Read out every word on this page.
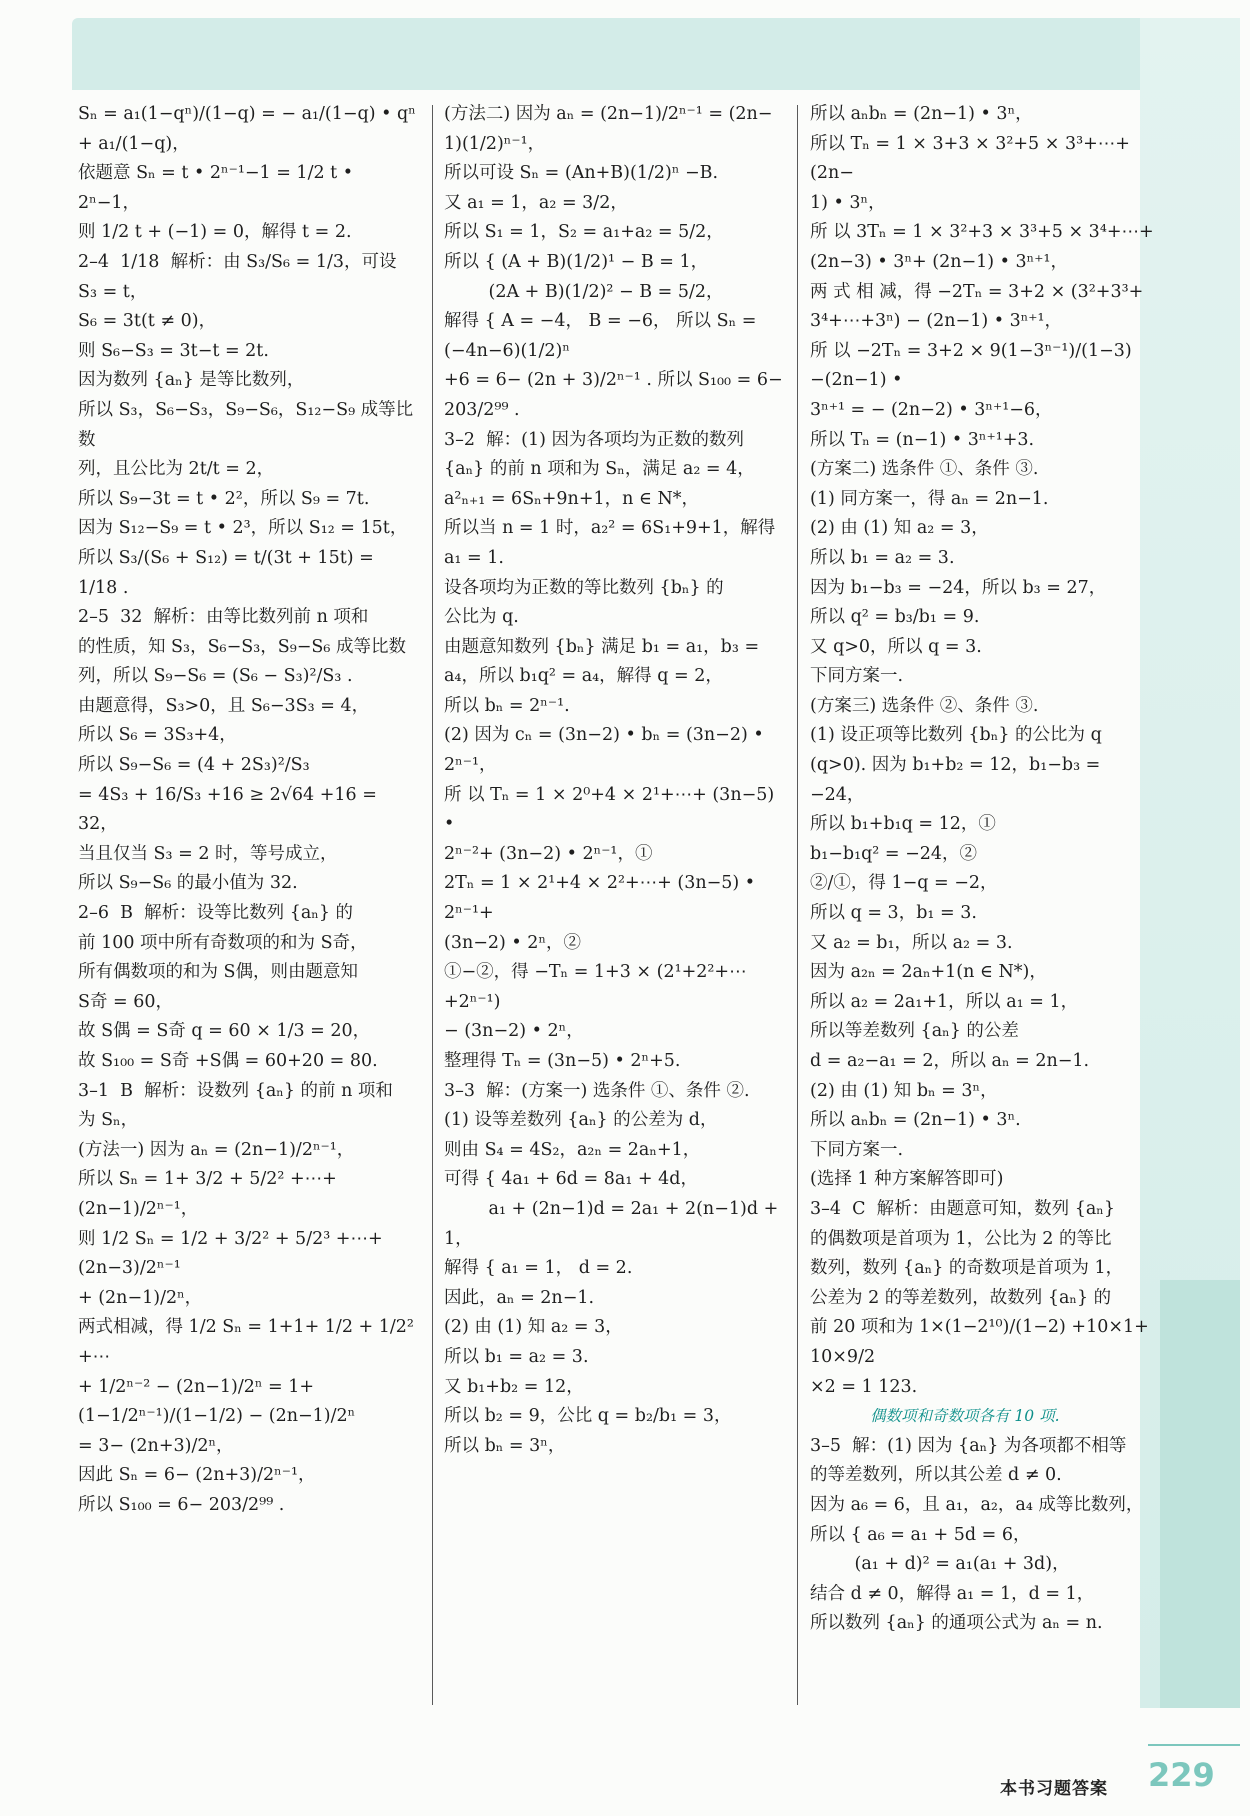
Sₙ = a₁(1−qⁿ)/(1−q) = − a₁/(1−q) • qⁿ + a₁/(1−q)，
依题意 Sₙ = t • 2ⁿ⁻¹−1 = 1/2 t • 2ⁿ−1，
则 1/2 t + (−1) = 0，解得 t = 2.
2–4  1/18  解析：由 S₃/S₆ = 1/3，可设 S₃ = t，
S₆ = 3t(t ≠ 0)，
则 S₆−S₃ = 3t−t = 2t.
因为数列 {aₙ} 是等比数列，
所以 S₃，S₆−S₃，S₉−S₆，S₁₂−S₉ 成等比数
列，且公比为 2t/t = 2，
所以 S₉−3t = t • 2²，所以 S₉ = 7t.
因为 S₁₂−S₉ = t • 2³，所以 S₁₂ = 15t，
所以 S₃/(S₆ + S₁₂) = t/(3t + 15t) = 1/18 .
2–5  32  解析：由等比数列前 n 项和
的性质，知 S₃，S₆−S₃，S₉−S₆ 成等比数
列，所以 S₉−S₆ = (S₆ − S₃)²/S₃ .
由题意得，S₃>0，且 S₆−3S₃ = 4，
所以 S₆ = 3S₃+4，
所以 S₉−S₆ = (4 + 2S₃)²/S₃
= 4S₃ + 16/S₃ +16 ≥ 2√64 +16 = 32，
当且仅当 S₃ = 2 时，等号成立，
所以 S₉−S₆ 的最小值为 32.
2–6  B  解析：设等比数列 {aₙ} 的
前 100 项中所有奇数项的和为 S奇，
所有偶数项的和为 S偶，则由题意知
S奇 = 60，
故 S偶 = S奇 q = 60 × 1/3 = 20，
故 S₁₀₀ = S奇 +S偶 = 60+20 = 80.
3–1  B  解析：设数列 {aₙ} 的前 n 项和
为 Sₙ，
(方法一) 因为 aₙ = (2n−1)/2ⁿ⁻¹，
所以 Sₙ = 1+ 3/2 + 5/2² +⋯+ (2n−1)/2ⁿ⁻¹，
则 1/2 Sₙ = 1/2 + 3/2² + 5/2³ +⋯+ (2n−3)/2ⁿ⁻¹
+ (2n−1)/2ⁿ，
两式相减，得 1/2 Sₙ = 1+1+ 1/2 + 1/2² +⋯
+ 1/2ⁿ⁻² − (2n−1)/2ⁿ = 1+ (1−1/2ⁿ⁻¹)/(1−1/2) − (2n−1)/2ⁿ
= 3− (2n+3)/2ⁿ，
因此 Sₙ = 6− (2n+3)/2ⁿ⁻¹，
所以 S₁₀₀ = 6− 203/2⁹⁹ .
(方法二) 因为 aₙ = (2n−1)/2ⁿ⁻¹ = (2n−
1)(1/2)ⁿ⁻¹，
所以可设 Sₙ = (An+B)(1/2)ⁿ −B.
又 a₁ = 1，a₂ = 3/2，
所以 S₁ = 1，S₂ = a₁+a₂ = 5/2，
所以 { (A + B)(1/2)¹ − B = 1，
(2A + B)(1/2)² − B = 5/2，
解得 { A = −4， B = −6， 所以 Sₙ = (−4n−6)(1/2)ⁿ
+6 = 6− (2n + 3)/2ⁿ⁻¹ . 所以 S₁₀₀ = 6− 203/2⁹⁹ .
3–2  解：(1) 因为各项均为正数的数列
{aₙ} 的前 n 项和为 Sₙ，满足 a₂ = 4，
a²ₙ₊₁ = 6Sₙ+9n+1，n ∈ N*，
所以当 n = 1 时，a₂² = 6S₁+9+1，解得
a₁ = 1.
设各项均为正数的等比数列 {bₙ} 的
公比为 q.
由题意知数列 {bₙ} 满足 b₁ = a₁，b₃ =
a₄，所以 b₁q² = a₄，解得 q = 2，
所以 bₙ = 2ⁿ⁻¹.
(2) 因为 cₙ = (3n−2) • bₙ = (3n−2) •
2ⁿ⁻¹，
所 以 Tₙ = 1 × 2⁰+4 × 2¹+⋯+ (3n−5) •
2ⁿ⁻²+ (3n−2) • 2ⁿ⁻¹，①
2Tₙ = 1 × 2¹+4 × 2²+⋯+ (3n−5) • 2ⁿ⁻¹+
(3n−2) • 2ⁿ，②
①−②，得 −Tₙ = 1+3 × (2¹+2²+⋯+2ⁿ⁻¹)
− (3n−2) • 2ⁿ，
整理得 Tₙ = (3n−5) • 2ⁿ+5.
3–3  解：(方案一) 选条件 ①、条件 ②.
(1) 设等差数列 {aₙ} 的公差为 d，
则由 S₄ = 4S₂，a₂ₙ = 2aₙ+1，
可得 { 4a₁ + 6d = 8a₁ + 4d，
a₁ + (2n−1)d = 2a₁ + 2(n−1)d + 1，
解得 { a₁ = 1， d = 2.
因此，aₙ = 2n−1.
(2) 由 (1) 知 a₂ = 3，
所以 b₁ = a₂ = 3.
又 b₁+b₂ = 12，
所以 b₂ = 9，公比 q = b₂/b₁ = 3，
所以 bₙ = 3ⁿ，
所以 aₙbₙ = (2n−1) • 3ⁿ，
所以 Tₙ = 1 × 3+3 × 3²+5 × 3³+⋯+ (2n−
1) • 3ⁿ，
所 以 3Tₙ = 1 × 3²+3 × 3³+5 × 3⁴+⋯+
(2n−3) • 3ⁿ+ (2n−1) • 3ⁿ⁺¹，
两 式 相 减，得 −2Tₙ = 3+2 × (3²+3³+
3⁴+⋯+3ⁿ) − (2n−1) • 3ⁿ⁺¹，
所 以 −2Tₙ = 3+2 × 9(1−3ⁿ⁻¹)/(1−3) −(2n−1) •
3ⁿ⁺¹ = − (2n−2) • 3ⁿ⁺¹−6，
所以 Tₙ = (n−1) • 3ⁿ⁺¹+3.
(方案二) 选条件 ①、条件 ③.
(1) 同方案一，得 aₙ = 2n−1.
(2) 由 (1) 知 a₂ = 3，
所以 b₁ = a₂ = 3.
因为 b₁−b₃ = −24，所以 b₃ = 27，
所以 q² = b₃/b₁ = 9.
又 q>0，所以 q = 3.
下同方案一.
(方案三) 选条件 ②、条件 ③.
(1) 设正项等比数列 {bₙ} 的公比为 q
(q>0). 因为 b₁+b₂ = 12，b₁−b₃ = −24，
所以 b₁+b₁q = 12，①
b₁−b₁q² = −24，②
②/①，得 1−q = −2，
所以 q = 3，b₁ = 3.
又 a₂ = b₁，所以 a₂ = 3.
因为 a₂ₙ = 2aₙ+1(n ∈ N*)，
所以 a₂ = 2a₁+1，所以 a₁ = 1，
所以等差数列 {aₙ} 的公差
d = a₂−a₁ = 2，所以 aₙ = 2n−1.
(2) 由 (1) 知 bₙ = 3ⁿ，
所以 aₙbₙ = (2n−1) • 3ⁿ.
下同方案一.
(选择 1 种方案解答即可)
3–4  C  解析：由题意可知，数列 {aₙ}
的偶数项是首项为 1，公比为 2 的等比
数列，数列 {aₙ} 的奇数项是首项为 1，
公差为 2 的等差数列，故数列 {aₙ} 的
前 20 项和为 1×(1−2¹⁰)/(1−2) +10×1+ 10×9/2
×2 = 1 123.
偶数项和奇数项各有 10 项.
3–5  解：(1) 因为 {aₙ} 为各项都不相等
的等差数列，所以其公差 d ≠ 0.
因为 a₆ = 6，且 a₁，a₂，a₄ 成等比数列，
所以 { a₆ = a₁ + 5d = 6，
(a₁ + d)² = a₁(a₁ + 3d)，
结合 d ≠ 0，解得 a₁ = 1，d = 1，
所以数列 {aₙ} 的通项公式为 aₙ = n.
本书习题答案 229
